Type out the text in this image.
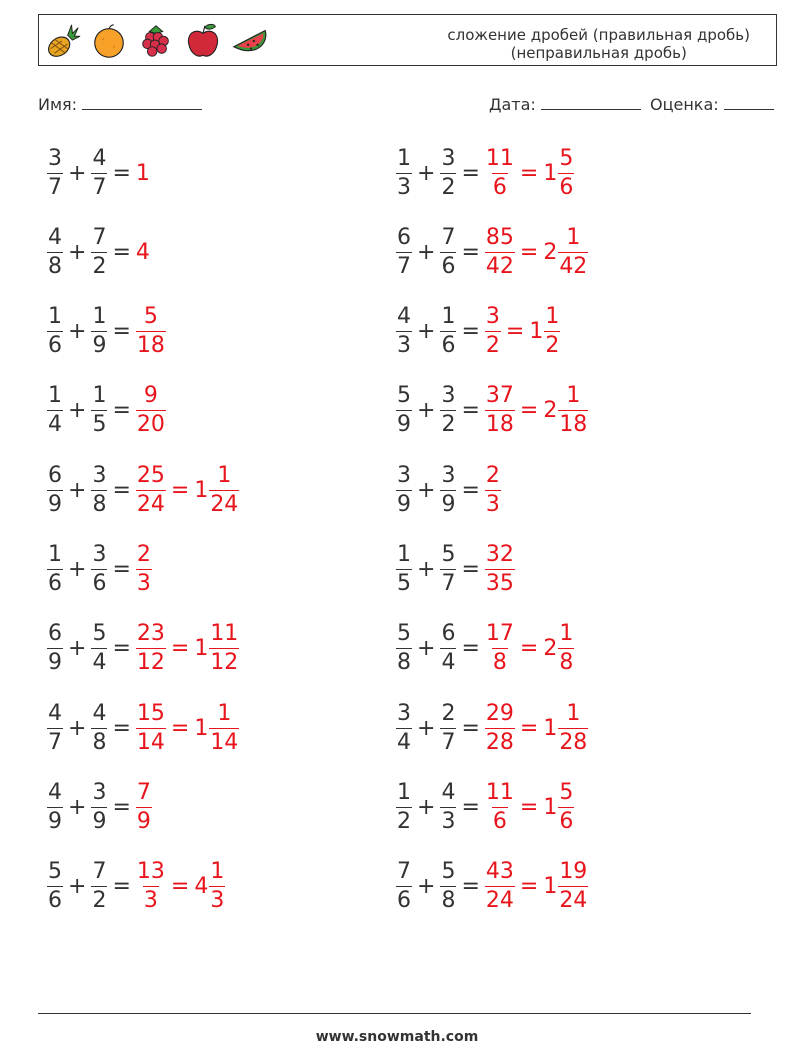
сложение дробей (правильная дробь)
(неправильная дробь)
Имя:	Дата:	Оценка:
$\frac{3}{7} + \frac{4}{7} = 1$
$\frac{4}{8} + \frac{7}{2} = 4$
$\frac{1}{6} + \frac{1}{9} = \frac{5}{18}$
$\frac{1}{4} + \frac{1}{5} = \frac{9}{20}$
$\frac{6}{9} + \frac{3}{8} = \frac{25}{24} = 1 \frac{1}{24}$
$\frac{1}{6} + \frac{3}{6} = \frac{2}{3}$
$\frac{6}{9} + \frac{5}{4} = \frac{23}{12} = 1 \frac{11}{12}$
$\frac{4}{7} + \frac{4}{8} = \frac{15}{14} = 1 \frac{1}{14}$
$\frac{4}{9} + \frac{3}{9} = \frac{7}{9}$
$\frac{5}{6} + \frac{7}{2} = \frac{13}{3} = 4 \frac{1}{3}$
$\frac{1}{3} + \frac{3}{2} = \frac{11}{6} = 1 \frac{5}{6}$
$\frac{6}{7} + \frac{7}{6} = \frac{85}{42} = 2 \frac{1}{42}$
$\frac{4}{3} + \frac{1}{6} = \frac{3}{2} = 1 \frac{1}{2}$
$\frac{5}{9} + \frac{3}{2} = \frac{37}{18} = 2 \frac{1}{18}$
$\frac{3}{9} + \frac{3}{9} = \frac{2}{3}$
$\frac{1}{5} + \frac{5}{7} = \frac{32}{35}$
$\frac{5}{8} + \frac{6}{4} = \frac{17}{8} = 2 \frac{1}{8}$
$\frac{3}{4} + \frac{2}{7} = \frac{29}{28} = 1 \frac{1}{28}$
$\frac{1}{2} + \frac{4}{3} = \frac{11}{6} = 1 \frac{5}{6}$
$\frac{7}{6} + \frac{5}{8} = \frac{43}{24} = 1 \frac{19}{24}$
www.snowmath.com
